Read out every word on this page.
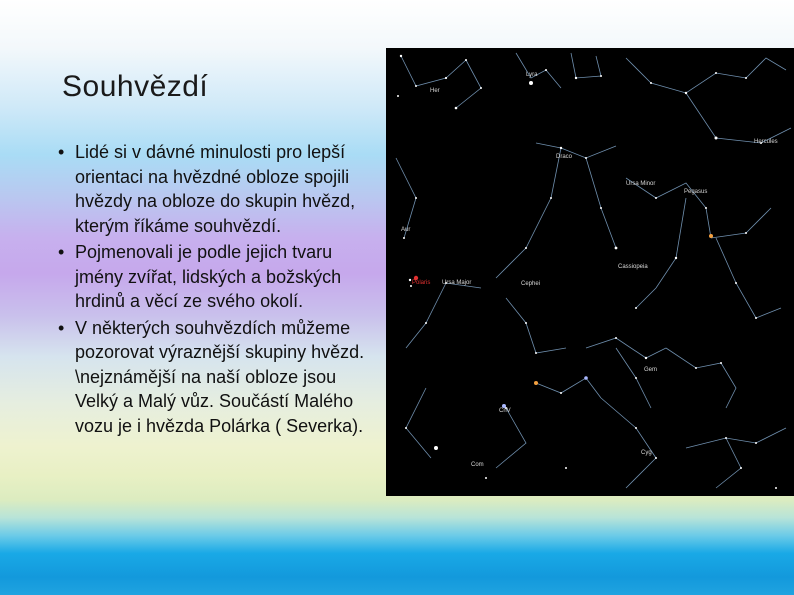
Souhvězdí
• Lidé si v dávné minulosti pro lepší orientaci na hvězdné obloze spojili hvězdy na obloze do skupin hvězd, kterým říkáme souhvězdí.
• Pojmenovali je podle jejich tvaru jmény zvířat, lidských a božských hrdinů a věcí ze svého okolí.
• V některých souhvězdích můžeme pozorovat výraznější skupiny hvězd. \nejznámější na naší obloze jsou Velký a Malý vůz. Součástí Malého vozu je i hvězda Polárka ( Severka).
Lyra
Her
Draco
Hercules
Pegasus
Ursa Minor
Cassiopeia
Ursa Major
Aur
Polaris	Cephei
Gem
CnV
Com
Cyg
